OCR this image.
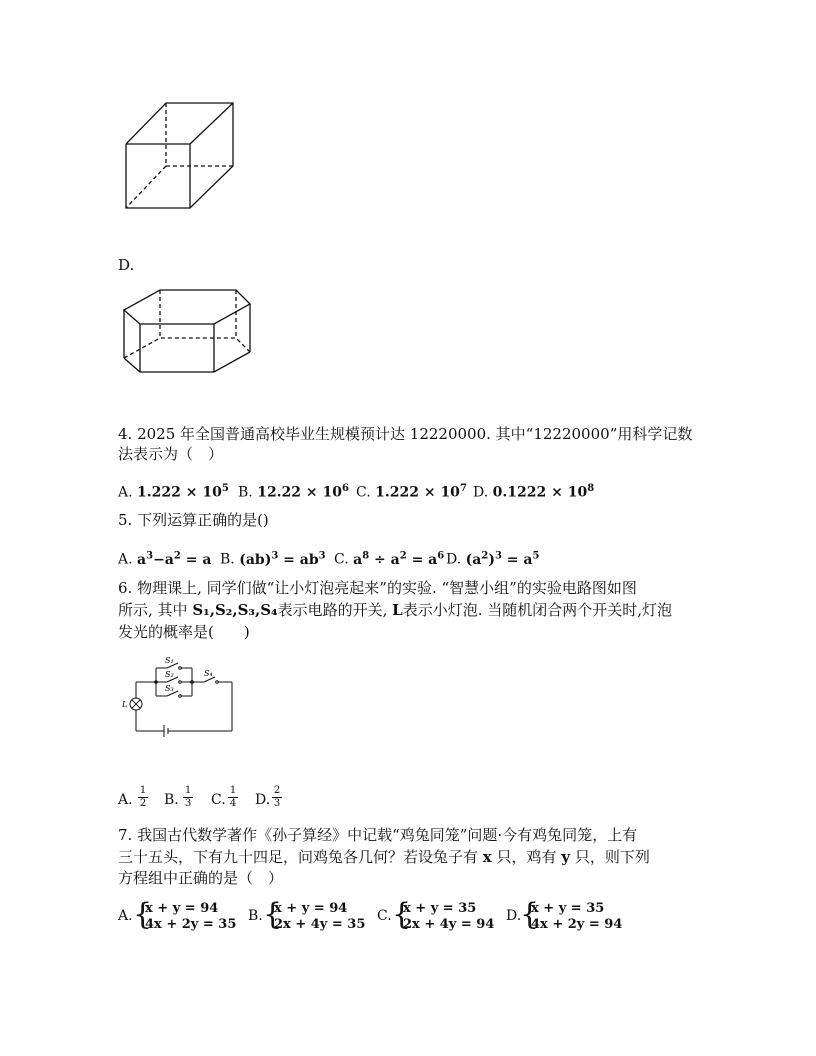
D.
4. 2025 年全国普通高校毕业生规模预计达 12220000. 其中“12220000”用科学记数
法表示为（　）
A. $1.222 \times 10^5$ B. $12.22 \times 10^6$ C. $1.222 \times 10^7$ D. $0.1222 \times 10^8$
5. 下列运算正确的是()
A. $a^3-a^2 = a$ B. $(ab)^3 = ab^3$ C. $a^8 \div a^2 = a^6$ D. $(a^2)^3 = a^5$
6. 物理课上, 同学们做“让小灯泡亮起来”的实验. “智慧小组”的实验电路图如图
所示, 其中 S₁,S₂,S₃,S₄表示电路的开关, L表示小灯泡. 当随机闭合两个开关时,灯泡
发光的概率是(　　)
S₁
S₂
S₃
S₄
L
A.
1
2 B.
1
3 C.
1
4 D.
2
3
7. 我国古代数学著作《孙子算经》中记载“鸡兔同笼”问题·今有鸡兔同笼，上有
三十五头，下有九十四足，问鸡兔各几何？若设兔子有 x 只，鸡有 y 只，则下列
方程组中正确的是（　）
A. {
x + y = 94
4x + 2y = 35
B. {
x + y = 94
2x + 4y = 35
C. {
x + y = 35
2x + 4y = 94
D.
{
x + y = 35
4x + 2y = 94
